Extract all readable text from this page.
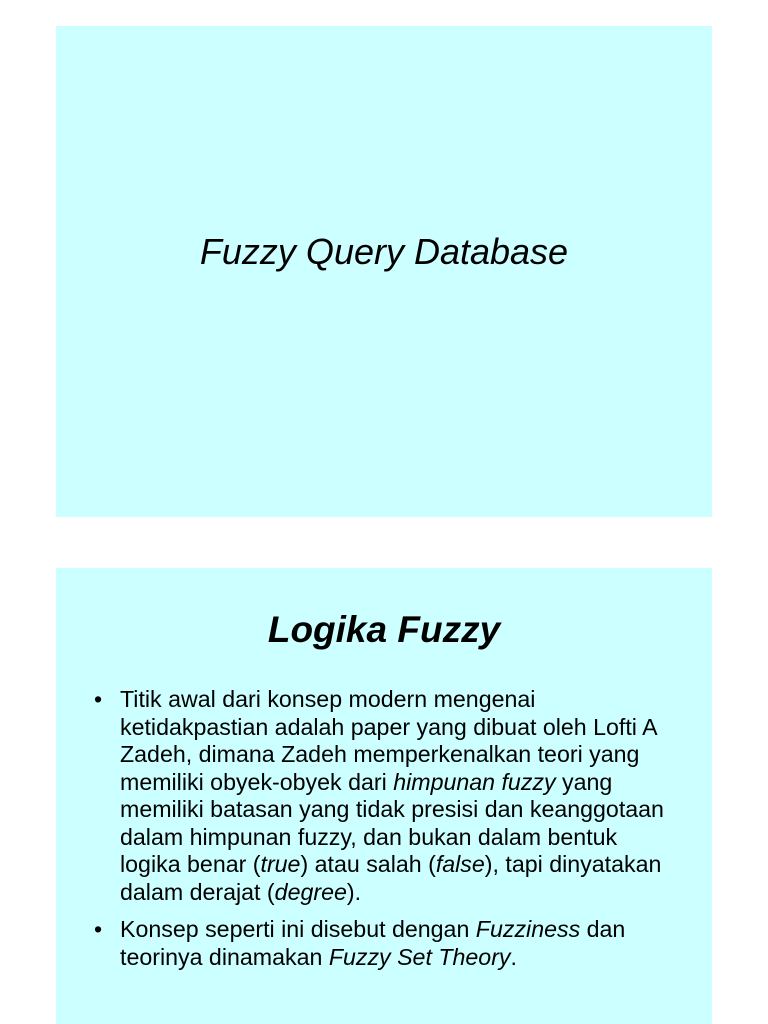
Fuzzy Query Database
Logika Fuzzy
• Titik awal dari konsep modern mengenai ketidakpastian adalah paper yang dibuat oleh Lofti A Zadeh, dimana Zadeh memperkenalkan teori yang memiliki obyek-obyek dari himpunan fuzzy yang memiliki batasan yang tidak presisi dan keanggotaan dalam himpunan fuzzy, dan bukan dalam bentuk logika benar (true) atau salah (false), tapi dinyatakan dalam derajat (degree).
• Konsep seperti ini disebut dengan Fuzziness dan teorinya dinamakan Fuzzy Set Theory.
